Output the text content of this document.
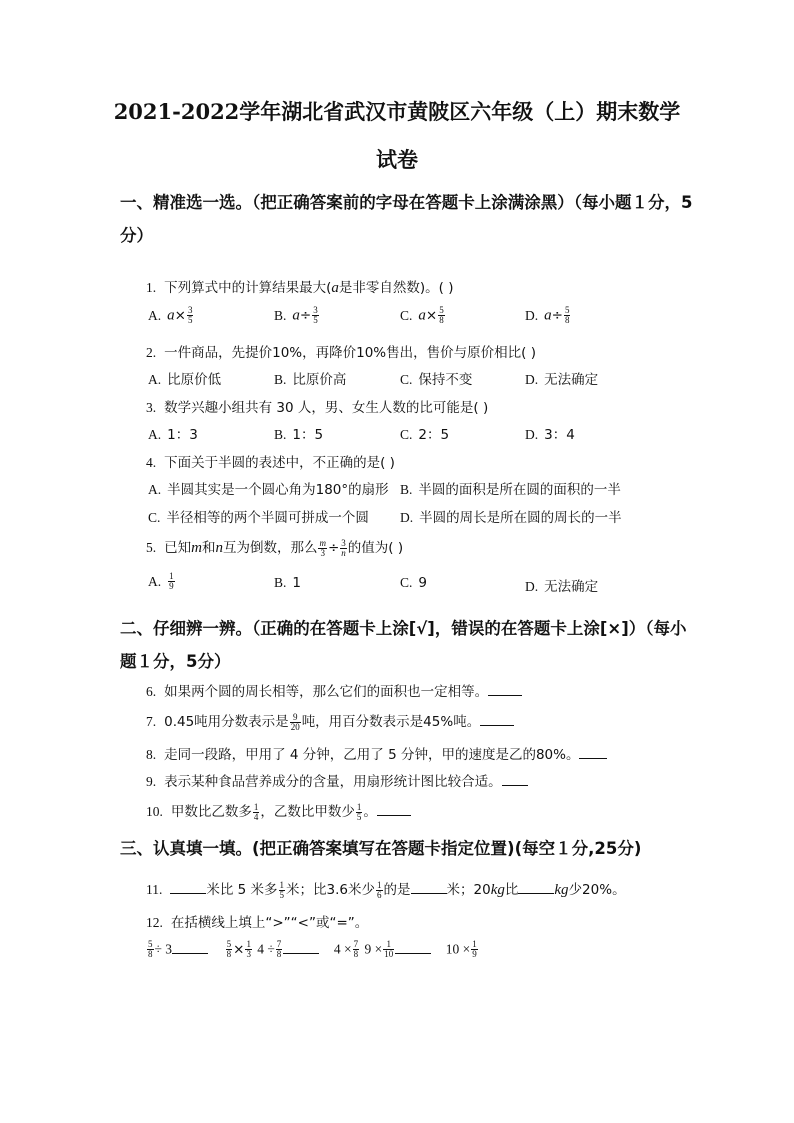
2021-2022学年湖北省武汉市黄陂区六年级（上）期末数学
试卷
一、精准选一选。（把正确答案前的字母在答题卡上涂满涂黑）（每小题１分，5分）
1. 下列算式中的计算结果最大(a是非零自然数)。( )
A. $a\times \frac{3}{5}$	B. $a\div \frac{3}{5}$	C. $a\times \frac{5}{8}$	D. $a\div \frac{5}{8}$
2. 一件商品，先提价10%，再降价10%售出，售价与原价相比( )
A. 比原价低	B. 比原价高	C. 保持不变	D. 无法确定
3. 数学兴趣小组共有 30 人，男、女生人数的比可能是( )
A. 1：3	B. 1：5	C. 2：5	D. 3：4
4. 下面关于半圆的表述中，不正确的是( )
A. 半圆其实是一个圆心角为180°的扇形 B. 半圆的面积是所在圆的面积的一半
C. 半径相等的两个半圆可拼成一个圆 D. 半圆的周长是所在圆的周长的一半
5. 已知m和n互为倒数，那么 $\frac{m}{3} \div \frac{3}{n}$ 的值为( )
A. $\frac{1}{9}$	B. 1	C. 9	D. 无法确定
二、仔细辨一辨。（正确的在答题卡上涂[√]，错误的在答题卡上涂[×]）（每小题１分，5分）
6. 如果两个圆的周长相等，那么它们的面积也一定相等。
7. 0.45吨用分数表示是 $\frac{9}{20}$ 吨，用百分数表示是45%吨。
8. 走同一段路，甲用了 4 分钟，乙用了 5 分钟，甲的速度是乙的80%。
9. 表示某种食品营养成分的含量，用扇形统计图比较合适。
10. 甲数比乙数多 $\frac{1}{4}$ ，乙数比甲数少 $\frac{1}{5}$ 。
三、认真填一填。(把正确答案填写在答题卡指定位置)(每空１分,25分)
11.	米比 5 米多 $\frac{1}{5}$ 米；比3.6米少 $\frac{1}{6}$ 的是	米；20kg比 kg少20%。
12. 在括横线上填上“>”“<”或“=”。
$\frac{5}{8} \div 3$	$\frac{5}{8} \times \frac{1}{3} 4 \div \frac{7}{8}$	$4 \times \frac{7}{8} 9 \times \frac{1}{10}$	$10 \times \frac{1}{9}$
